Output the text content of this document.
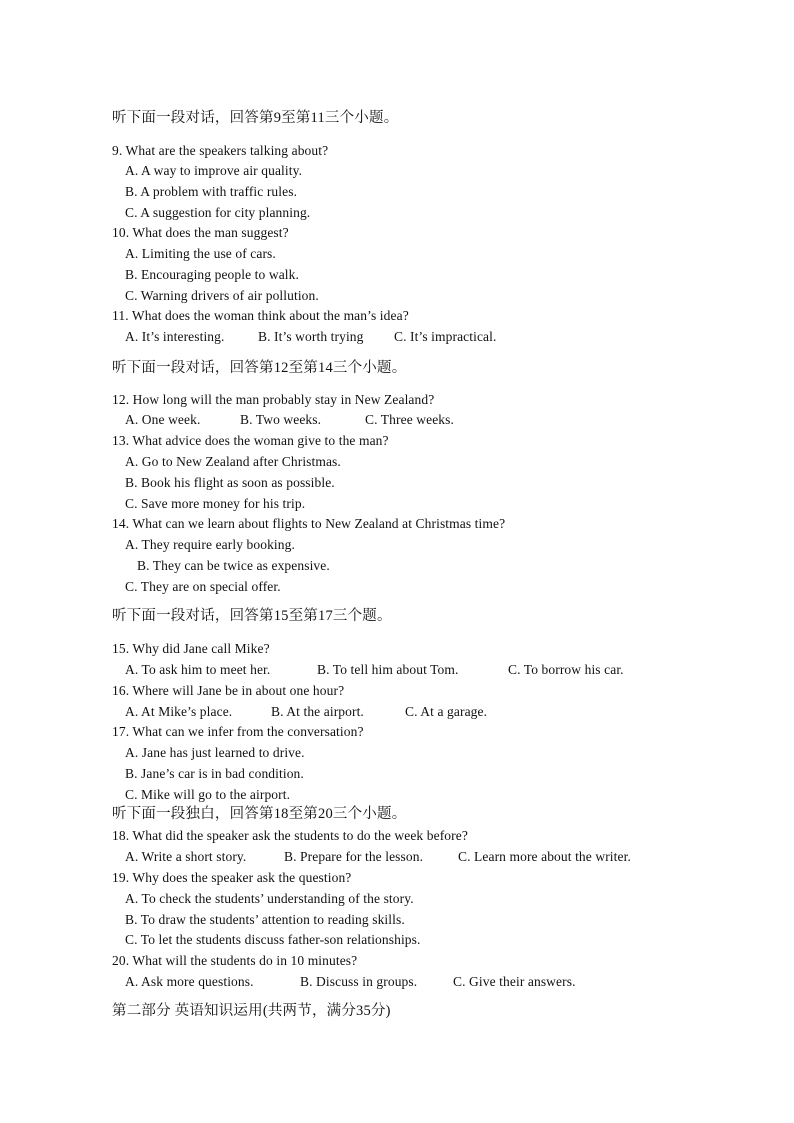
听下面一段对话，回答第9至第11三个小题。
9. What are the speakers talking about?
A. A way to improve air quality.
B. A problem with traffic rules.
C. A suggestion for city planning.
10. What does the man suggest?
A. Limiting the use of cars.
B. Encouraging people to walk.
C. Warning drivers of air pollution.
11. What does the woman think about the man’s idea?
A. It’s interesting. B. It’s worth trying C. It’s impractical.
听下面一段对话，回答第12至第14三个小题。
12. How long will the man probably stay in New Zealand?
A. One week.	B. Two weeks.	C. Three weeks.
13. What advice does the woman give to the man?
A. Go to New Zealand after Christmas.
B. Book his flight as soon as possible.
C. Save more money for his trip.
14. What can we learn about flights to New Zealand at Christmas time?
A. They require early booking.
B. They can be twice as expensive.
C. They are on special offer.
听下面一段对话，回答第15至第17三个题。
15. Why did Jane call Mike?
A. To ask him to meet her.	B. To tell him about Tom.	C. To borrow his car.
16. Where will Jane be in about one hour?
A. At Mike’s place.	B. At the airport.	C. At a garage.
17. What can we infer from the conversation?
A. Jane has just learned to drive.
B. Jane’s car is in bad condition.
C. Mike will go to the airport.
听下面一段独白，回答第18至第20三个小题。
18. What did the speaker ask the students to do the week before?
A. Write a short story.	B. Prepare for the lesson.	C. Learn more about the writer.
19. Why does the speaker ask the question?
A. To check the students’ understanding of the story.
B. To draw the students’ attention to reading skills.
C. To let the students discuss father-son relationships.
20. What will the students do in 10 minutes?
A. Ask more questions.	B. Discuss in groups.	C. Give their answers.
第二部分 英语知识运用(共两节，满分35分)
